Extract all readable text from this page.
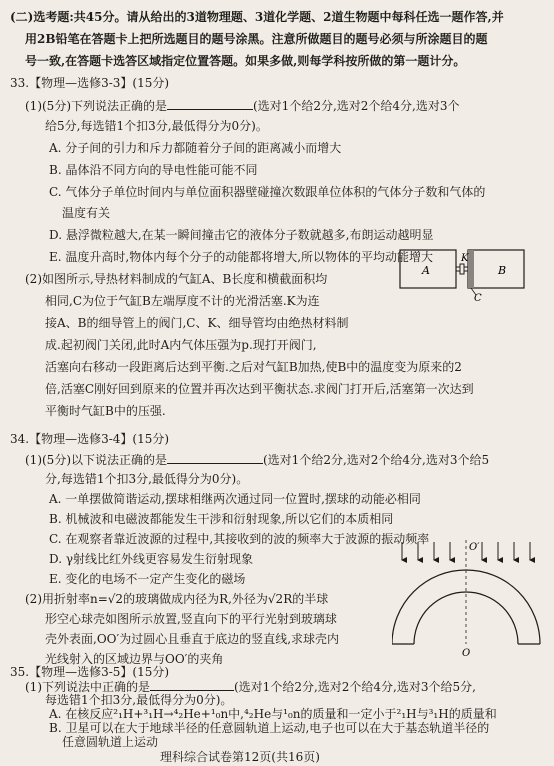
(二)选考题:共45分。请从给出的3道物理题、3道化学题、2道生物题中每科任选一题作答,并
用2B铅笔在答题卡上把所选题目的题号涂黑。注意所做题目的题号必须与所涂题目的题
号一致,在答题卡选答区域指定位置答题。如果多做,则每学科按所做的第一题计分。
33.【物理—选修3-3】(15分)
(1)(5分)下列说法正确的是	(选对1个给2分,选对2个给4分,选对3个
给5分,每选错1个扣3分,最低得分为0分)。
A. 分子间的引力和斥力都随着分子间的距离减小而增大
B. 晶体沿不同方向的导电性能可能不同
C. 气体分子单位时间内与单位面积器壁碰撞次数跟单位体积的气体分子数和气体的
温度有关
D. 悬浮微粒越大,在某一瞬间撞击它的液体分子数就越多,布朗运动越明显
E. 温度升高时,物体内每个分子的动能都将增大,所以物体的平均动能增大
(2)如图所示,导热材料制成的气缸A、B长度和横截面积均
相同,C为位于气缸B左端厚度不计的光滑活塞.K为连
接A、B的细导管上的阀门,C、K、细导管均由绝热材料制
成.起初阀门关闭,此时A内气体压强为p.现打开阀门,
活塞向右移动一段距离后达到平衡.之后对气缸B加热,使B中的温度变为原来的2
倍,活塞C刚好回到原来的位置并再次达到平衡状态.求阀门打开后,活塞第一次达到
平衡时气缸B中的压强.
A	B
K
C
34.【物理—选修3-4】(15分)
(1)(5分)以下说法正确的是	(选对1个给2分,选对2个给4分,选对3个给5
分,每选错1个扣3分,最低得分为0分)。
A. 一单摆做简谐运动,摆球相继两次通过同一位置时,摆球的动能必相同
B. 机械波和电磁波都能发生干涉和衍射现象,所以它们的本质相同
C. 在观察者靠近波源的过程中,其接收到的波的频率大于波源的振动频率
D. γ射线比红外线更容易发生衍射现象
E. 变化的电场不一定产生变化的磁场
(2)用折射率n=√2的玻璃做成内径为R,外径为√2R的半球
形空心球壳如图所示放置,竖直向下的平行光射到玻璃球
壳外表面,OO′为过圆心且垂直于底边的竖直线,求球壳内
光线射入的区域边界与OO′的夹角
O′
O
35.【物理—选修3-5】(15分)
(1)下列说法中正确的是	(选对1个给2分,选对2个给4分,选对3个给5分,
每选错1个扣3分,最低得分为0分)。
A. 在核反应²₁H+³₁H→⁴₂He+¹₀n中,⁴₂He与¹₀n的质量和一定小于²₁H与³₁H的质量和
B. 卫星可以在大于地球半径的任意圆轨道上运动,电子也可以在大于基态轨道半径的
任意圆轨道上运动
理科综合试卷第12页(共16页)
